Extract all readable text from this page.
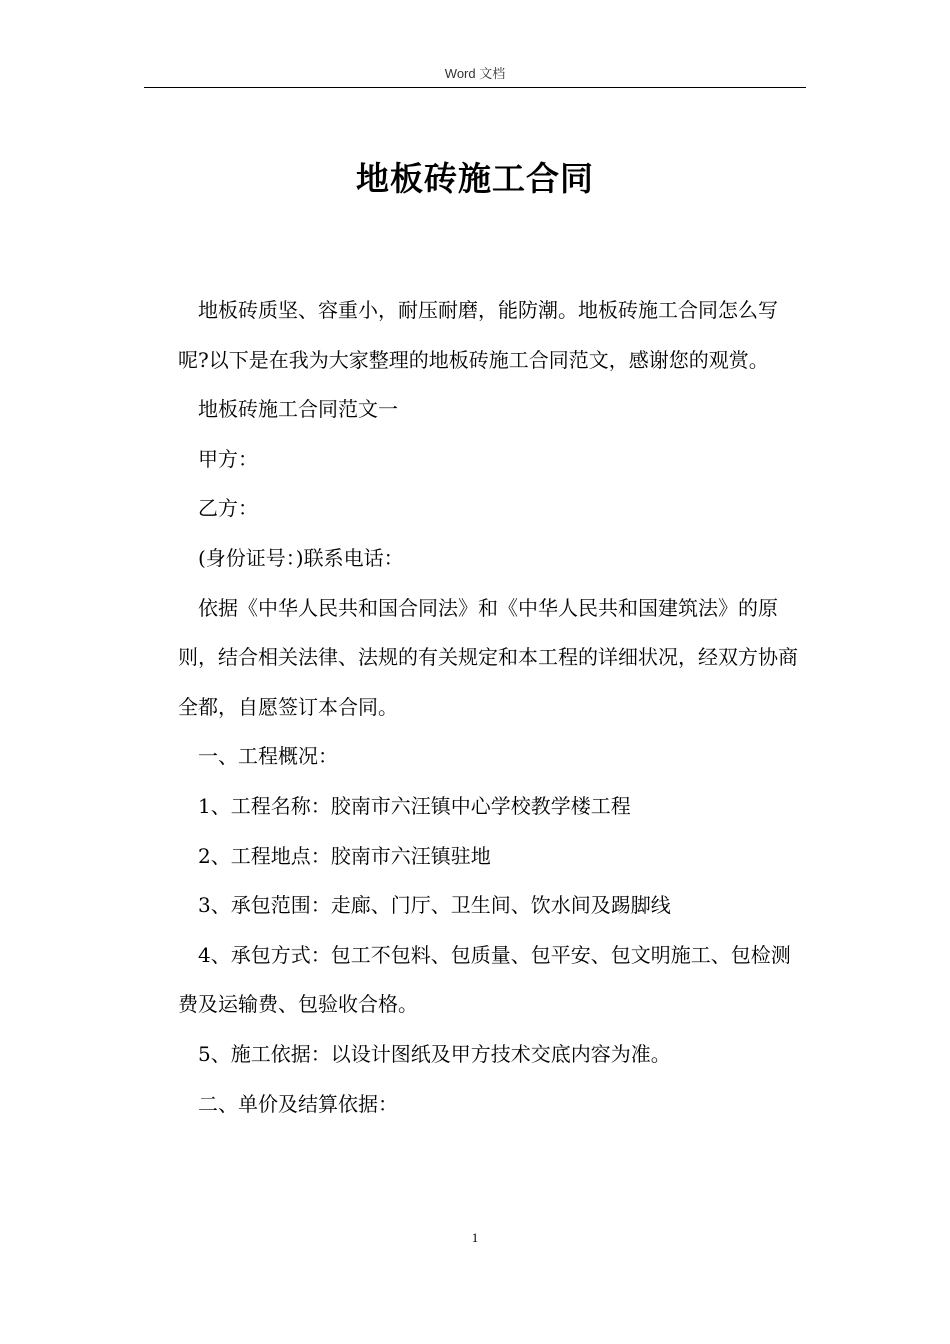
Word 文档
地板砖施工合同

地板砖质坚、容重小，耐压耐磨，能防潮。地板砖施工合同怎么写呢?以下是在我为大家整理的地板砖施工合同范文，感谢您的观赏。

地板砖施工合同范文一

甲方：

乙方：

(身份证号：)联系电话：

依据《中华人民共和国合同法》和《中华人民共和国建筑法》的原则，结合相关法律、法规的有关规定和本工程的详细状况，经双方协商全都，自愿签订本合同。

一、工程概况：

1、工程名称：胶南市六汪镇中心学校教学楼工程

2、工程地点：胶南市六汪镇驻地

3、承包范围：走廊、门厅、卫生间、饮水间及踢脚线

4、承包方式：包工不包料、包质量、包平安、包文明施工、包检测费及运输费、包验收合格。

5、施工依据：以设计图纸及甲方技术交底内容为准。

二、单价及结算依据：

1
